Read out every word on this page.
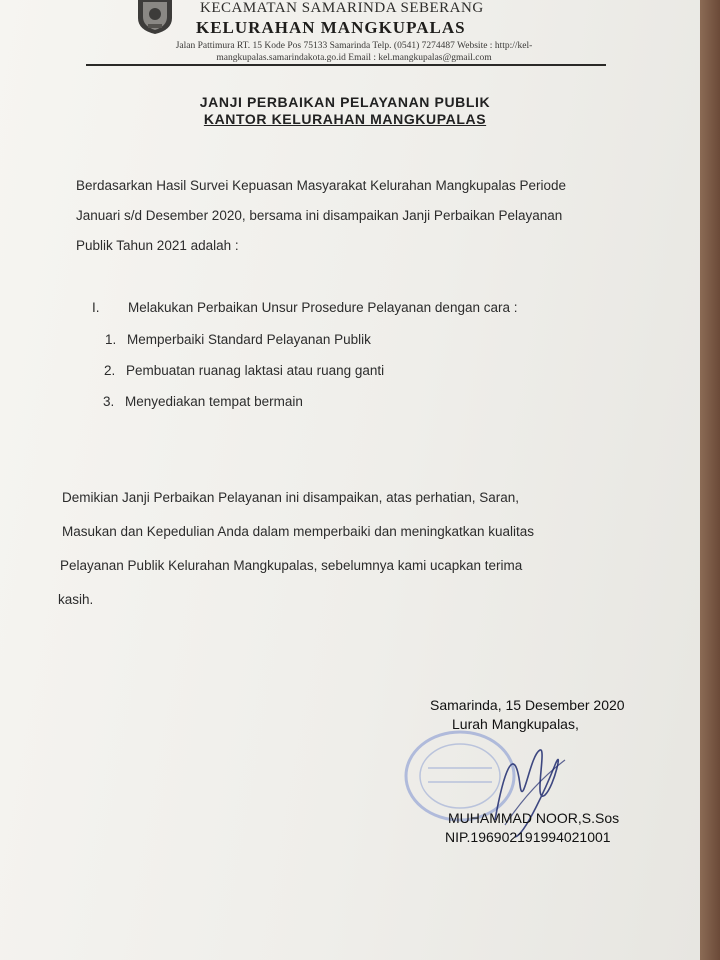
KECAMATAN SAMARINDA SEBERANG
KELURAHAN MANGKUPALAS
Jalan Pattimura RT. 15 Kode Pos 75133 Samarinda Telp. (0541) 7274487 Website : http://kel-
mangkupalas.samarindakota.go.id Email : kel.mangkupalas@gmail.com
JANJI PERBAIKAN PELAYANAN PUBLIK
KANTOR KELURAHAN MANGKUPALAS
Berdasarkan Hasil Survei Kepuasan Masyarakat Kelurahan Mangkupalas Periode
Januari s/d Desember 2020, bersama ini disampaikan Janji Perbaikan Pelayanan
Publik Tahun 2021 adalah :
I. Melakukan Perbaikan Unsur Prosedure Pelayanan dengan cara :
1. Memperbaiki Standard Pelayanan Publik
2. Pembuatan ruanag laktasi atau ruang ganti
3. Menyediakan tempat bermain
Demikian Janji Perbaikan Pelayanan ini disampaikan, atas perhatian, Saran,
Masukan dan Kepedulian Anda dalam memperbaiki dan meningkatkan kualitas
Pelayanan Publik Kelurahan Mangkupalas, sebelumnya kami ucapkan terima
kasih.
Samarinda, 15 Desember 2020
Lurah Mangkupalas,
MUHAMMAD NOOR,S.Sos
NIP.196902191994021001
